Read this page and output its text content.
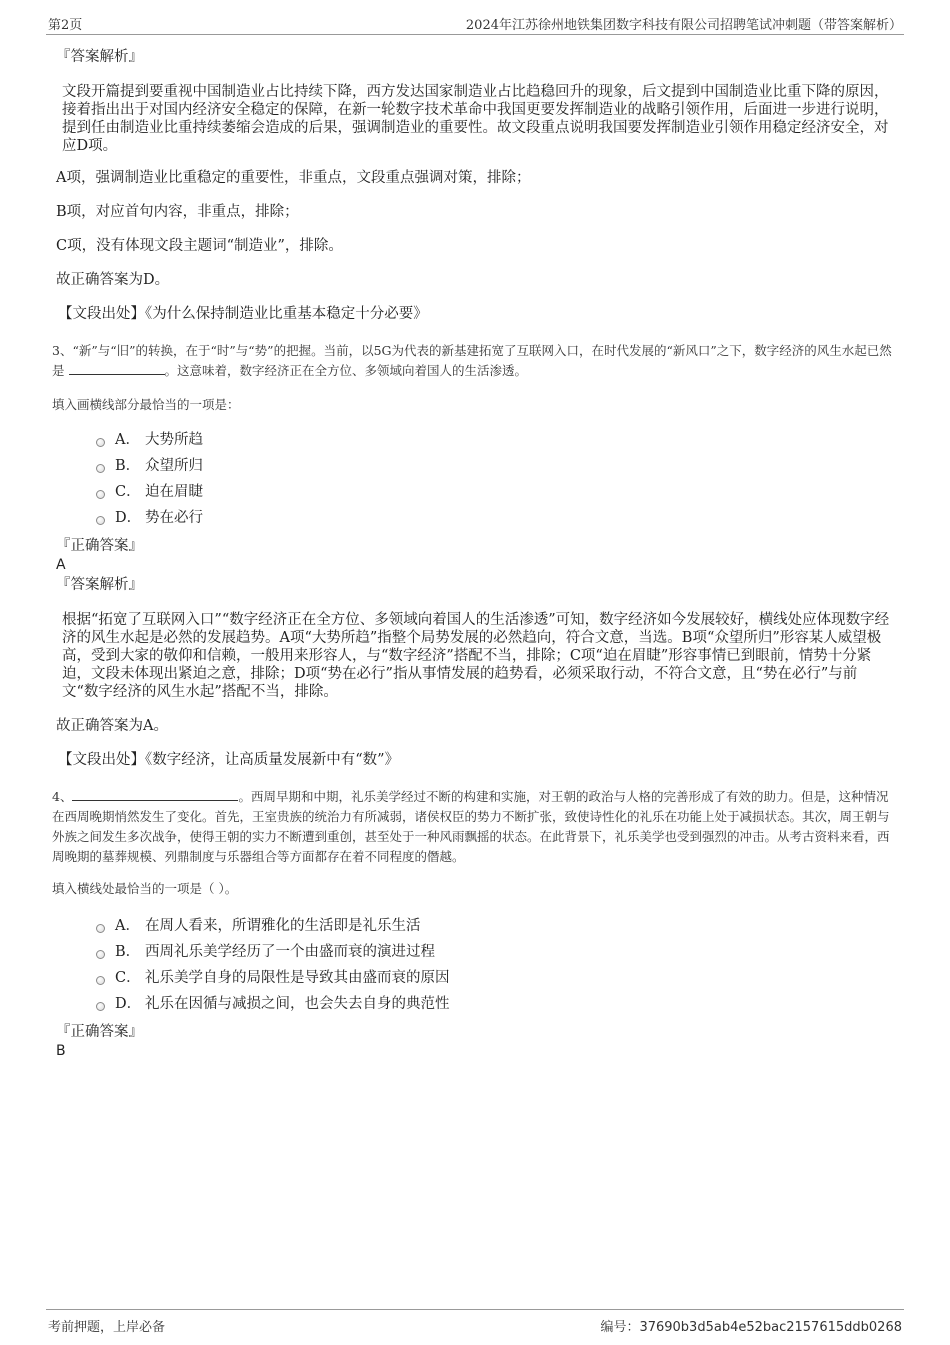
第2页	2024年江苏徐州地铁集团数字科技有限公司招聘笔试冲刺题（带答案解析）
『答案解析』

文段开篇提到要重视中国制造业占比持续下降，西方发达国家制造业占比趋稳回升的现象，后文提到中国制造业比重下降的原因，接着指出出于对国内经济安全稳定的保障，在新一轮数字技术革命中我国更要发挥制造业的战略引领作用，后面进一步进行说明，提到任由制造业比重持续萎缩会造成的后果，强调制造业的重要性。故文段重点说明我国要发挥制造业引领作用稳定经济安全，对应D项。

A项，强调制造业比重稳定的重要性，非重点，文段重点强调对策，排除；

B项，对应首句内容，非重点，排除；

C项，没有体现文段主题词“制造业”，排除。

故正确答案为D。

【文段出处】《为什么保持制造业比重基本稳定十分必要》

3、“新”与“旧”的转换，在于“时”与“势”的把握。当前，以5G为代表的新基建拓宽了互联网入口，在时代发展的“新风口”之下，数字经济的风生水起已然是	。这意味着，数字经济正在全方位、多领域向着国人的生活渗透。

填入画横线部分最恰当的一项是：

A． 大势所趋
B． 众望所归
C． 迫在眉睫
D． 势在必行
『正确答案』
A
『答案解析』

根据“拓宽了互联网入口”“数字经济正在全方位、多领域向着国人的生活渗透”可知，数字经济如今发展较好，横线处应体现数字经济的风生水起是必然的发展趋势。A项“大势所趋”指整个局势发展的必然趋向，符合文意，当选。B项“众望所归”形容某人威望极高，受到大家的敬仰和信赖，一般用来形容人，与“数字经济”搭配不当，排除；C项“迫在眉睫”形容事情已到眼前，情势十分紧迫，文段未体现出紧迫之意，排除；D项“势在必行”指从事情发展的趋势看，必须采取行动，不符合文意，且“势在必行”与前文“数字经济的风生水起”搭配不当，排除。

故正确答案为A。

【文段出处】《数字经济，让高质量发展新中有“数”》

4、	。西周早期和中期，礼乐美学经过不断的构建和实施，对王朝的政治与人格的完善形成了有效的助力。但是，这种情况在西周晚期悄然发生了变化。首先，王室贵族的统治力有所减弱，诸侯权臣的势力不断扩张，致使诗性化的礼乐在功能上处于减损状态。其次，周王朝与外族之间发生多次战争，使得王朝的实力不断遭到重创，甚至处于一种风雨飘摇的状态。在此背景下，礼乐美学也受到强烈的冲击。从考古资料来看，西周晚期的墓葬规模、列鼎制度与乐器组合等方面都存在着不同程度的僭越。

填入横线处最恰当的一项是（ ）。

A． 在周人看来，所谓雅化的生活即是礼乐生活
B． 西周礼乐美学经历了一个由盛而衰的演进过程
C． 礼乐美学自身的局限性是导致其由盛而衰的原因
D． 礼乐在因循与减损之间，也会失去自身的典范性
『正确答案』
B
考前押题，上岸必备	编号：37690b3d5ab4e52bac2157615ddb0268
